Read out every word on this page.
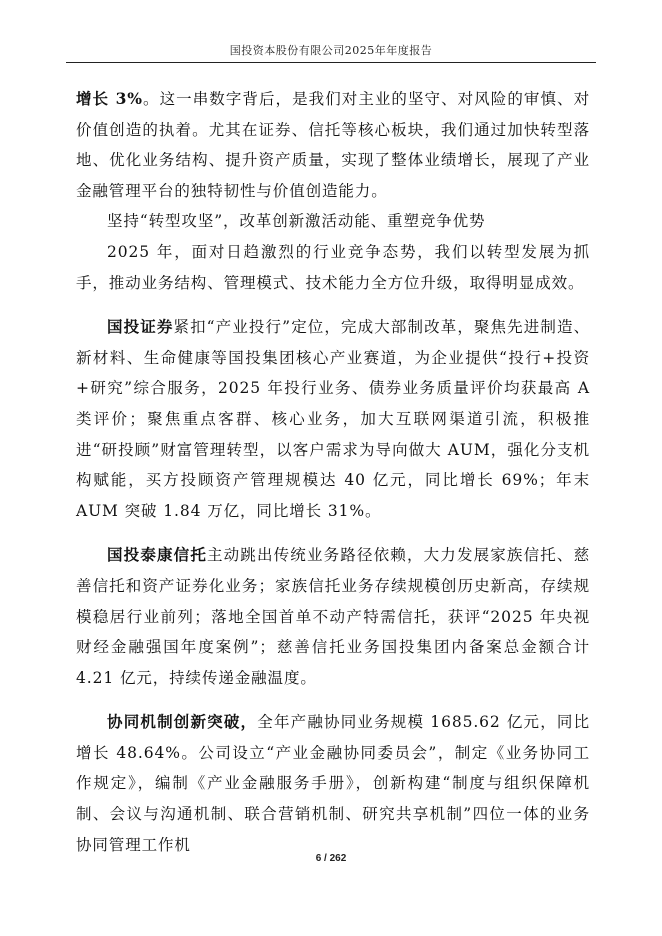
国投资本股份有限公司2025年年度报告

增长 3%。这一串数字背后，是我们对主业的坚守、对风险的审慎、对价值创造的执着。尤其在证券、信托等核心板块，我们通过加快转型落地、优化业务结构、提升资产质量，实现了整体业绩增长，展现了产业金融管理平台的独特韧性与价值创造能力。

坚持“转型攻坚”，改革创新激活动能、重塑竞争优势

2025 年，面对日趋激烈的行业竞争态势，我们以转型发展为抓手，推动业务结构、管理模式、技术能力全方位升级，取得明显成效。

国投证券紧扣“产业投行”定位，完成大部制改革，聚焦先进制造、新材料、生命健康等国投集团核心产业赛道，为企业提供“投行+投资+研究”综合服务，2025 年投行业务、债券业务质量评价均获最高 A 类评价；聚焦重点客群、核心业务，加大互联网渠道引流，积极推进“研投顾”财富管理转型，以客户需求为导向做大 AUM，强化分支机构赋能，买方投顾资产管理规模达 40 亿元，同比增长 69%；年末 AUM 突破 1.84 万亿，同比增长 31%。

国投泰康信托主动跳出传统业务路径依赖，大力发展家族信托、慈善信托和资产证券化业务；家族信托业务存续规模创历史新高，存续规模稳居行业前列；落地全国首单不动产特需信托，获评“2025 年央视财经金融强国年度案例”；慈善信托业务国投集团内备案总金额合计 4.21 亿元，持续传递金融温度。

协同机制创新突破，全年产融协同业务规模 1685.62 亿元，同比增长 48.64%。公司设立“产业金融协同委员会”，制定《业务协同工作规定》，编制《产业金融服务手册》，创新构建“制度与组织保障机制、会议与沟通机制、联合营销机制、研究共享机制”四位一体的业务协同管理工作机

6 / 262
